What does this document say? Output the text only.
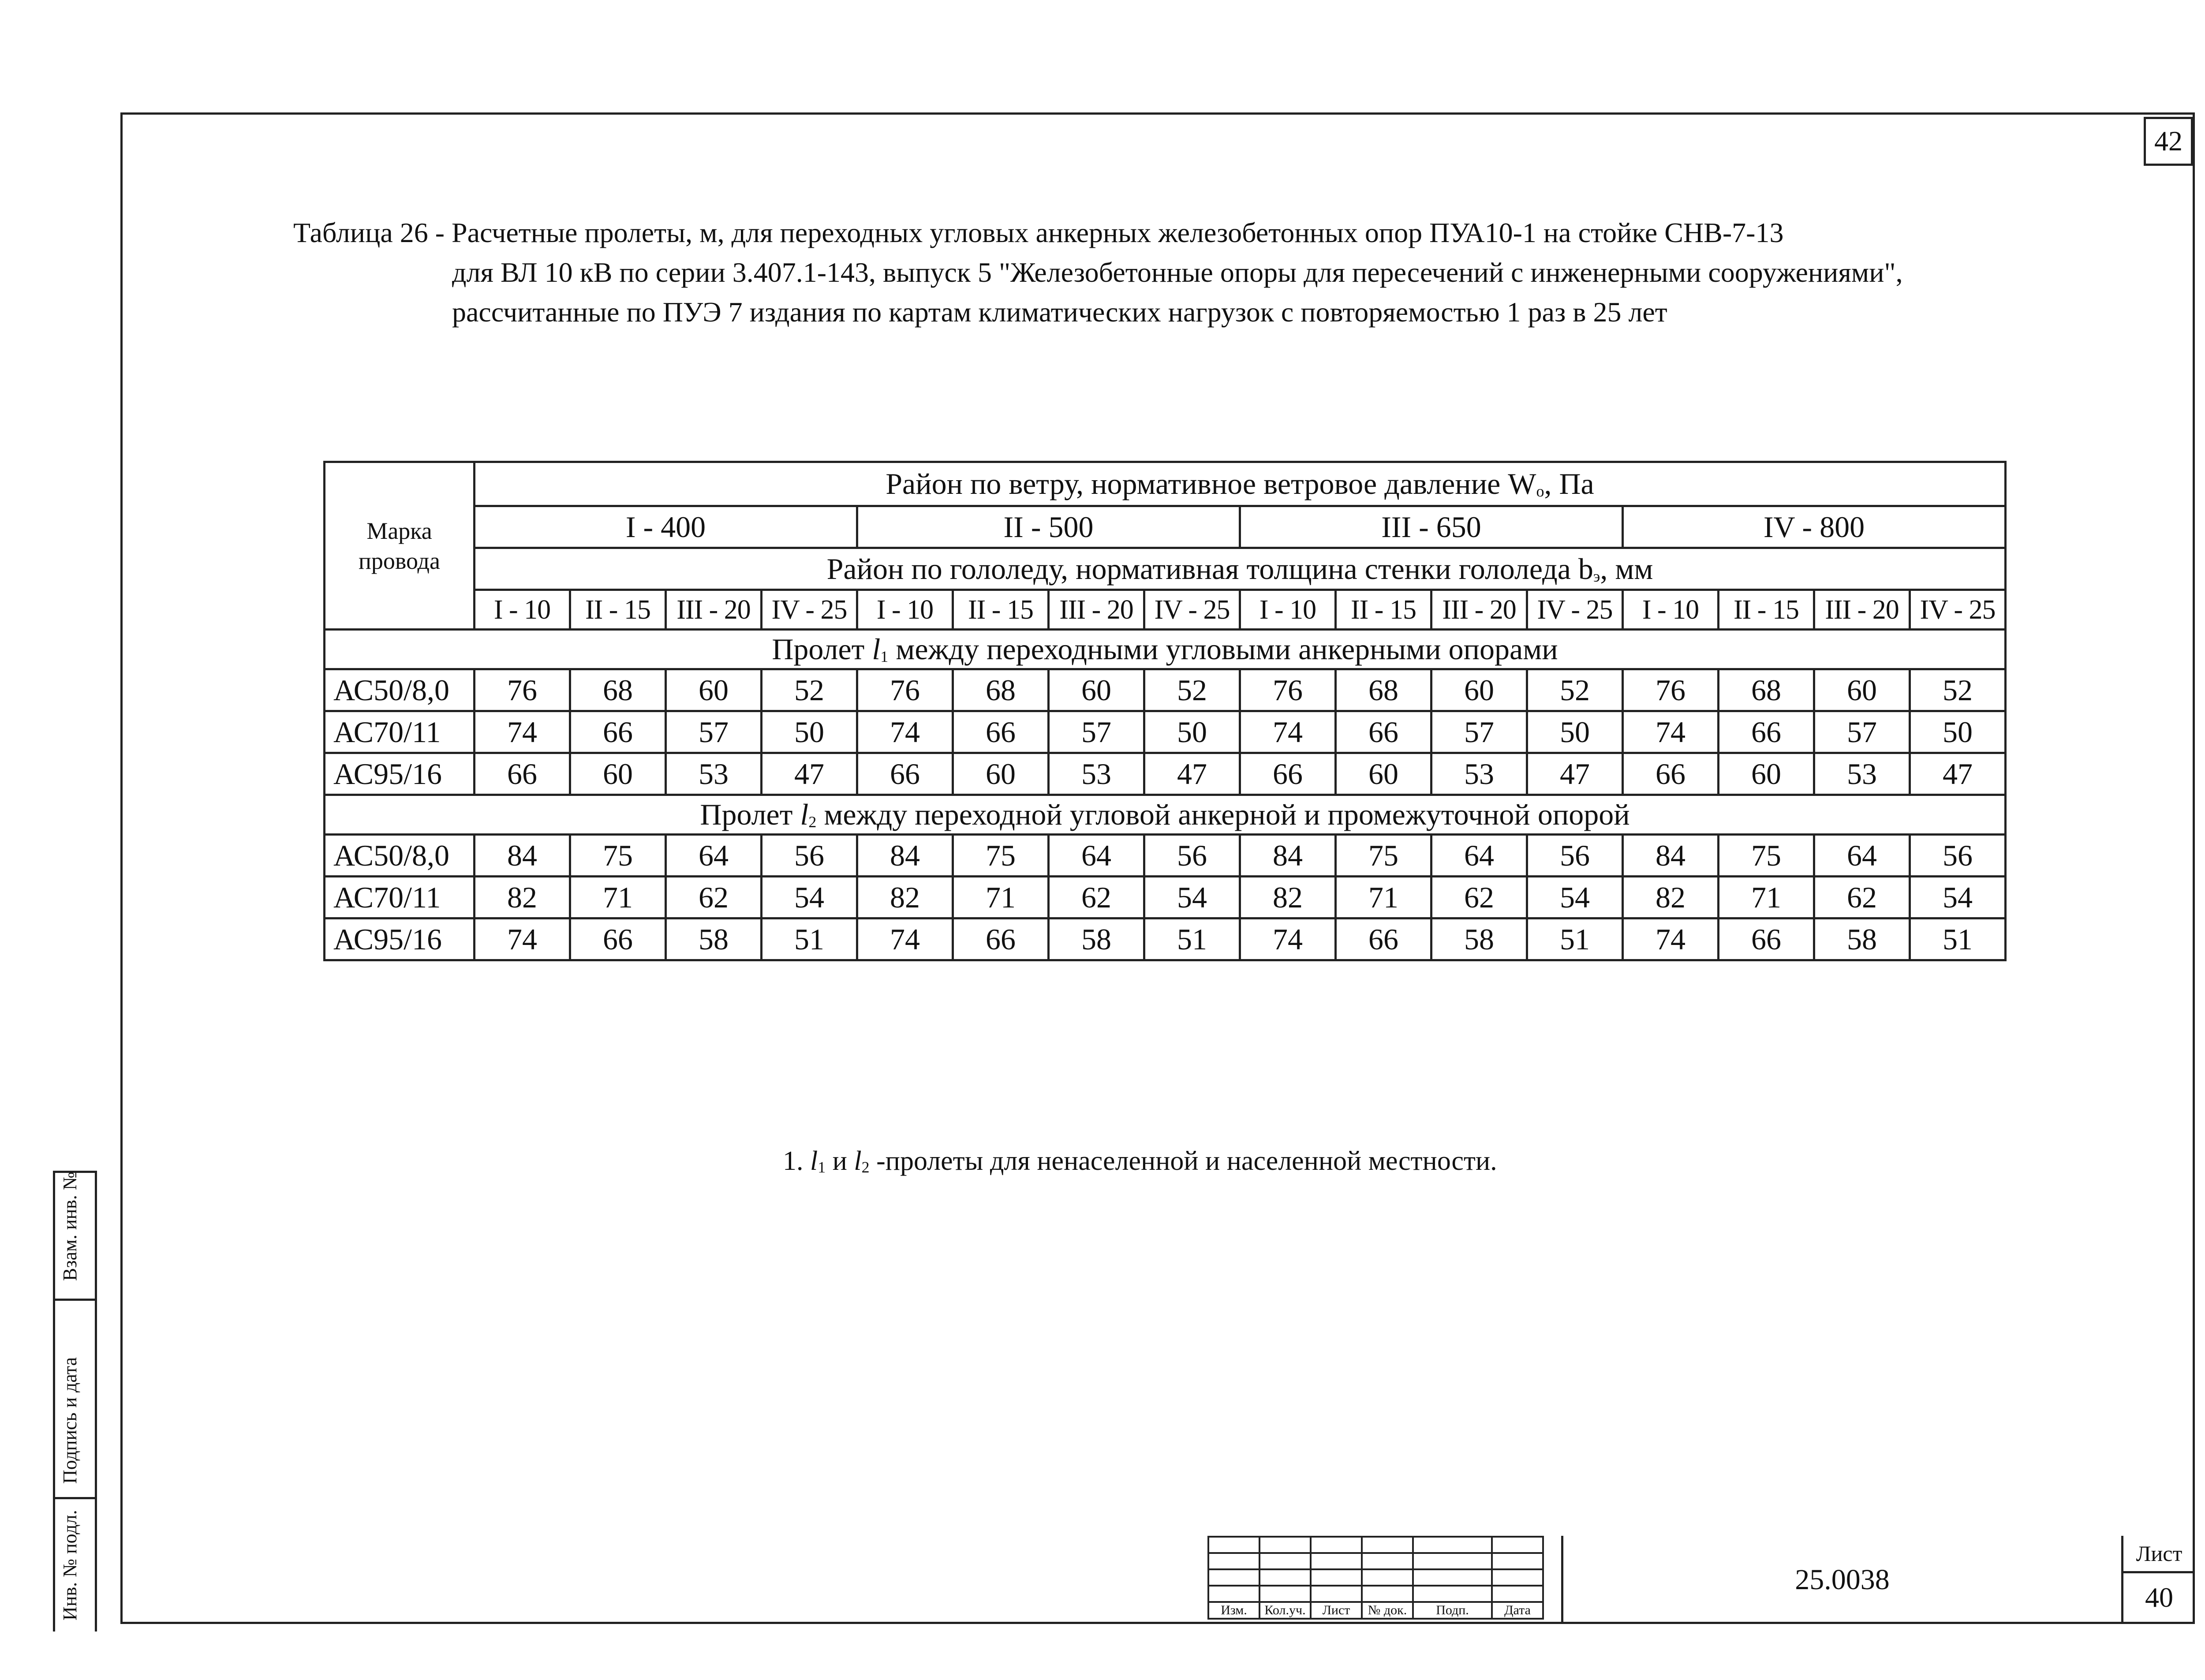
42
Таблица 26 - Расчетные пролеты, м, для переходных угловых анкерных железобетонных опор ПУА10-1 на стойке СНВ-7-13
для ВЛ 10 кВ по серии 3.407.1-143, выпуск 5 "Железобетонные опоры для пересечений с инженерными сооружениями",
рассчитанные по ПУЭ 7 издания по картам климатических нагрузок с повторяемостью 1 раз в 25 лет
Марка провода	Район по ветру, нормативное ветровое давление $W_о$, Па															
	I - 400				II - 500				III - 650				IV - 800			
	Район по гололеду, нормативная толщина стенки гололеда $b_э$, мм															
	I - 10	II - 15	III - 20	IV - 25	I - 10	II - 15	III - 20	IV - 25	I - 10	II - 15	III - 20	IV - 25	I - 10	II - 15	III - 20	IV - 25
Пролет $l_1$ между переходными угловыми анкерными опорами																
АС50/8,0	76	68	60	52	76	68	60	52	76	68	60	52	76	68	60	52
АС70/11	74	66	57	50	74	66	57	50	74	66	57	50	74	66	57	50
АС95/16	66	60	53	47	66	60	53	47	66	60	53	47	66	60	53	47
Пролет $l_2$ между переходной угловой анкерной и промежуточной опорой																
АС50/8,0	84	75	64	56	84	75	64	56	84	75	64	56	84	75	64	56
АС70/11	82	71	62	54	82	71	62	54	82	71	62	54	82	71	62	54
АС95/16	74	66	58	51	74	66	58	51	74	66	58	51	74	66	58	51
1. $l_1$ и $l_2$ -пролеты для ненаселенной и населенной местности.
Взам. инв. №
Подпись и дата
Инв. № подл.

						Изм.	Кол.уч.	Лист	№ док.	Подп.	Дата
25.0038
Лист
40
